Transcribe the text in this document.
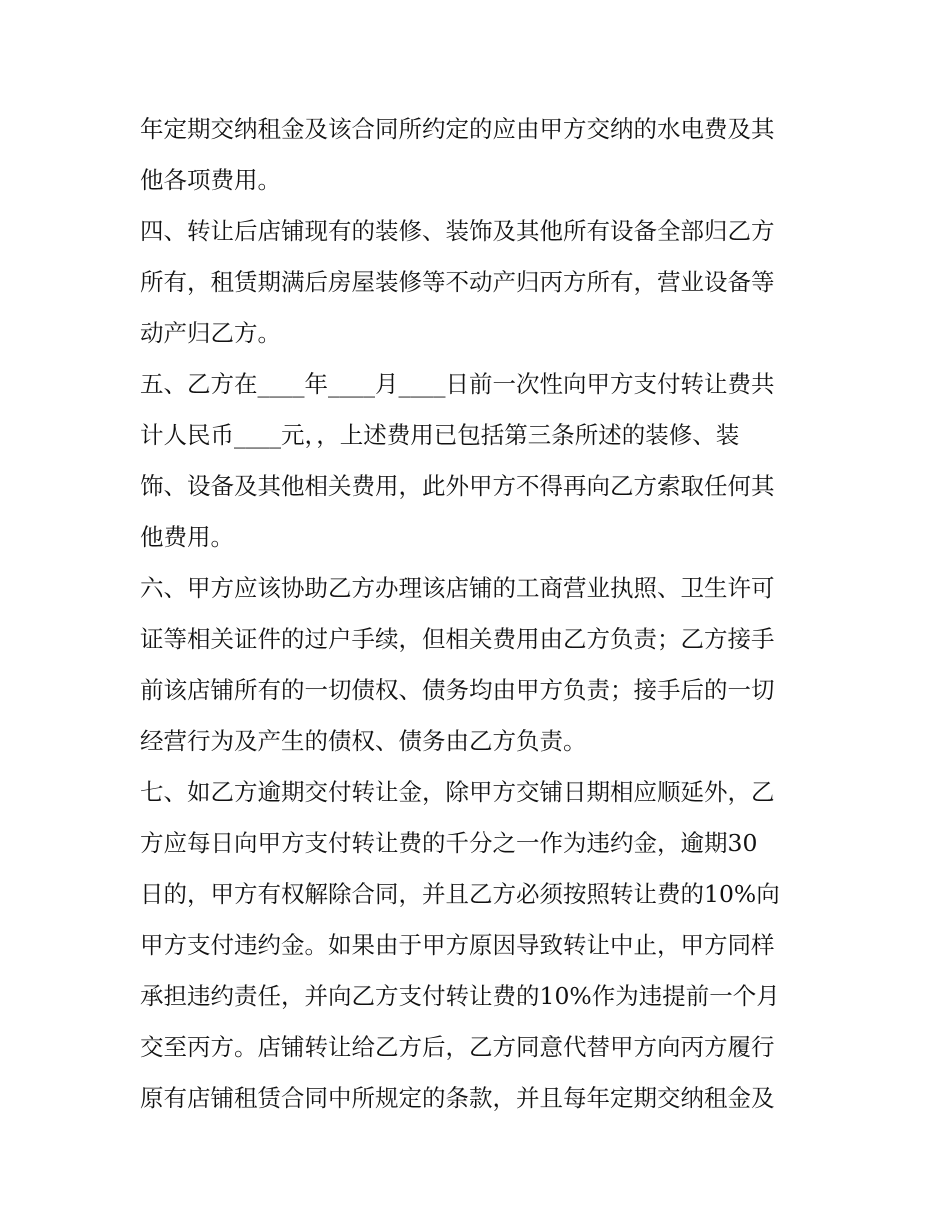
年定期交纳租金及该合同所约定的应由甲方交纳的水电费及其

他各项费用。

四、转让后店铺现有的装修、装饰及其他所有设备全部归乙方

所有，租赁期满后房屋装修等不动产归丙方所有，营业设备等

动产归乙方。

五、乙方在____年____月____日前一次性向甲方支付转让费共

计人民币____元，，上述费用已包括第三条所述的装修、装

饰、设备及其他相关费用，此外甲方不得再向乙方索取任何其

他费用。

六、甲方应该协助乙方办理该店铺的工商营业执照、卫生许可

证等相关证件的过户手续，但相关费用由乙方负责；乙方接手

前该店铺所有的一切债权、债务均由甲方负责；接手后的一切

经营行为及产生的债权、债务由乙方负责。

七、如乙方逾期交付转让金，除甲方交铺日期相应顺延外，乙

方应每日向甲方支付转让费的千分之一作为违约金，逾期30

日的，甲方有权解除合同，并且乙方必须按照转让费的10%向

甲方支付违约金。如果由于甲方原因导致转让中止，甲方同样

承担违约责任，并向乙方支付转让费的10%作为违提前一个月

交至丙方。店铺转让给乙方后，乙方同意代替甲方向丙方履行

原有店铺租赁合同中所规定的条款，并且每年定期交纳租金及
